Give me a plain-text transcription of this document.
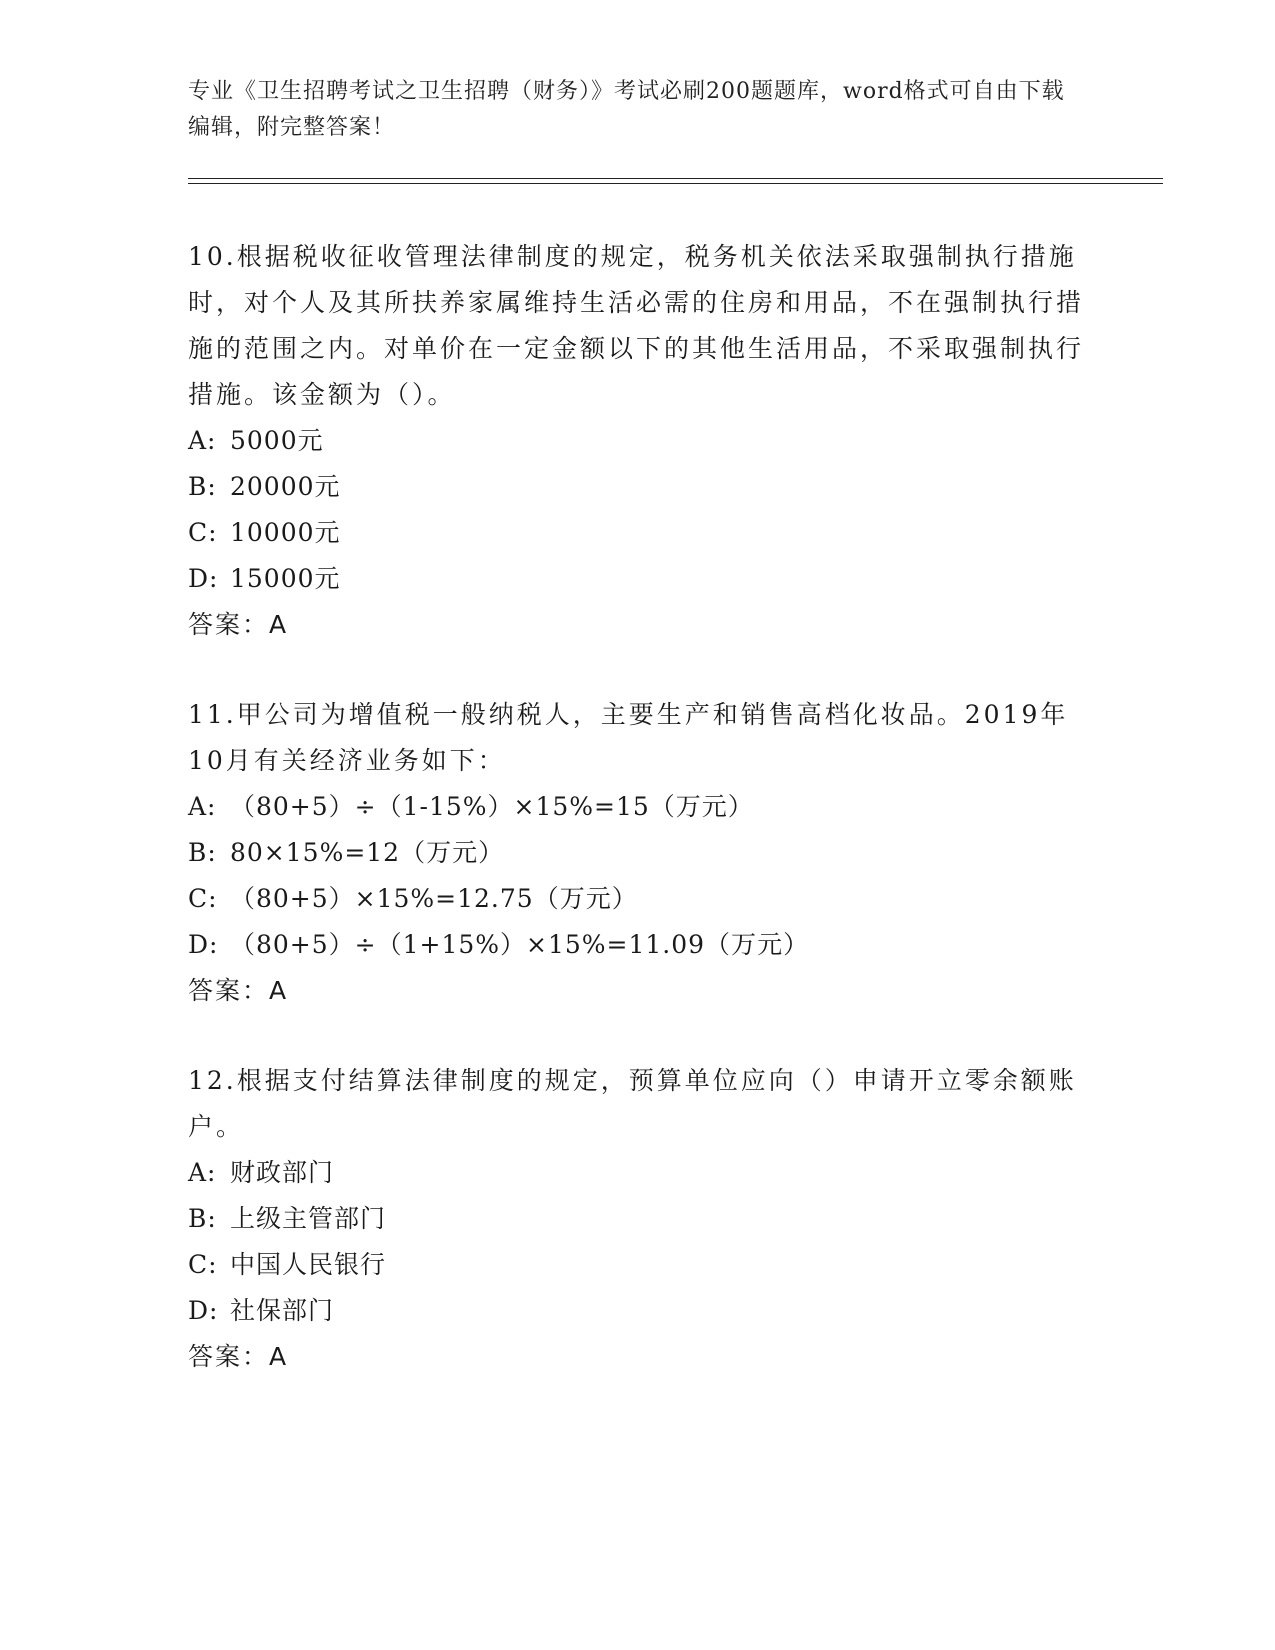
专业《卫生招聘考试之卫生招聘（财务）》考试必刷200题题库，word格式可自由下载编辑，附完整答案！

10.根据税收征收管理法律制度的规定，税务机关依法采取强制执行措施时，对个人及其所扶养家属维持生活必需的住房和用品，不在强制执行措施的范围之内。对单价在一定金额以下的其他生活用品，不采取强制执行措施。该金额为（）。

A: 5000元

B: 20000元

C: 10000元

D: 15000元

答案：A

11.甲公司为增值税一般纳税人，主要生产和销售高档化妆品。2019年10月有关经济业务如下：

A: （80+5）÷（1-15%）×15%=15（万元）

B: 80×15%=12（万元）

C: （80+5）×15%=12.75（万元）

D: （80+5）÷（1+15%）×15%=11.09（万元）

答案：A

12.根据支付结算法律制度的规定，预算单位应向（）申请开立零余额账户。

A: 财政部门

B: 上级主管部门

C: 中国人民银行

D: 社保部门

答案：A
